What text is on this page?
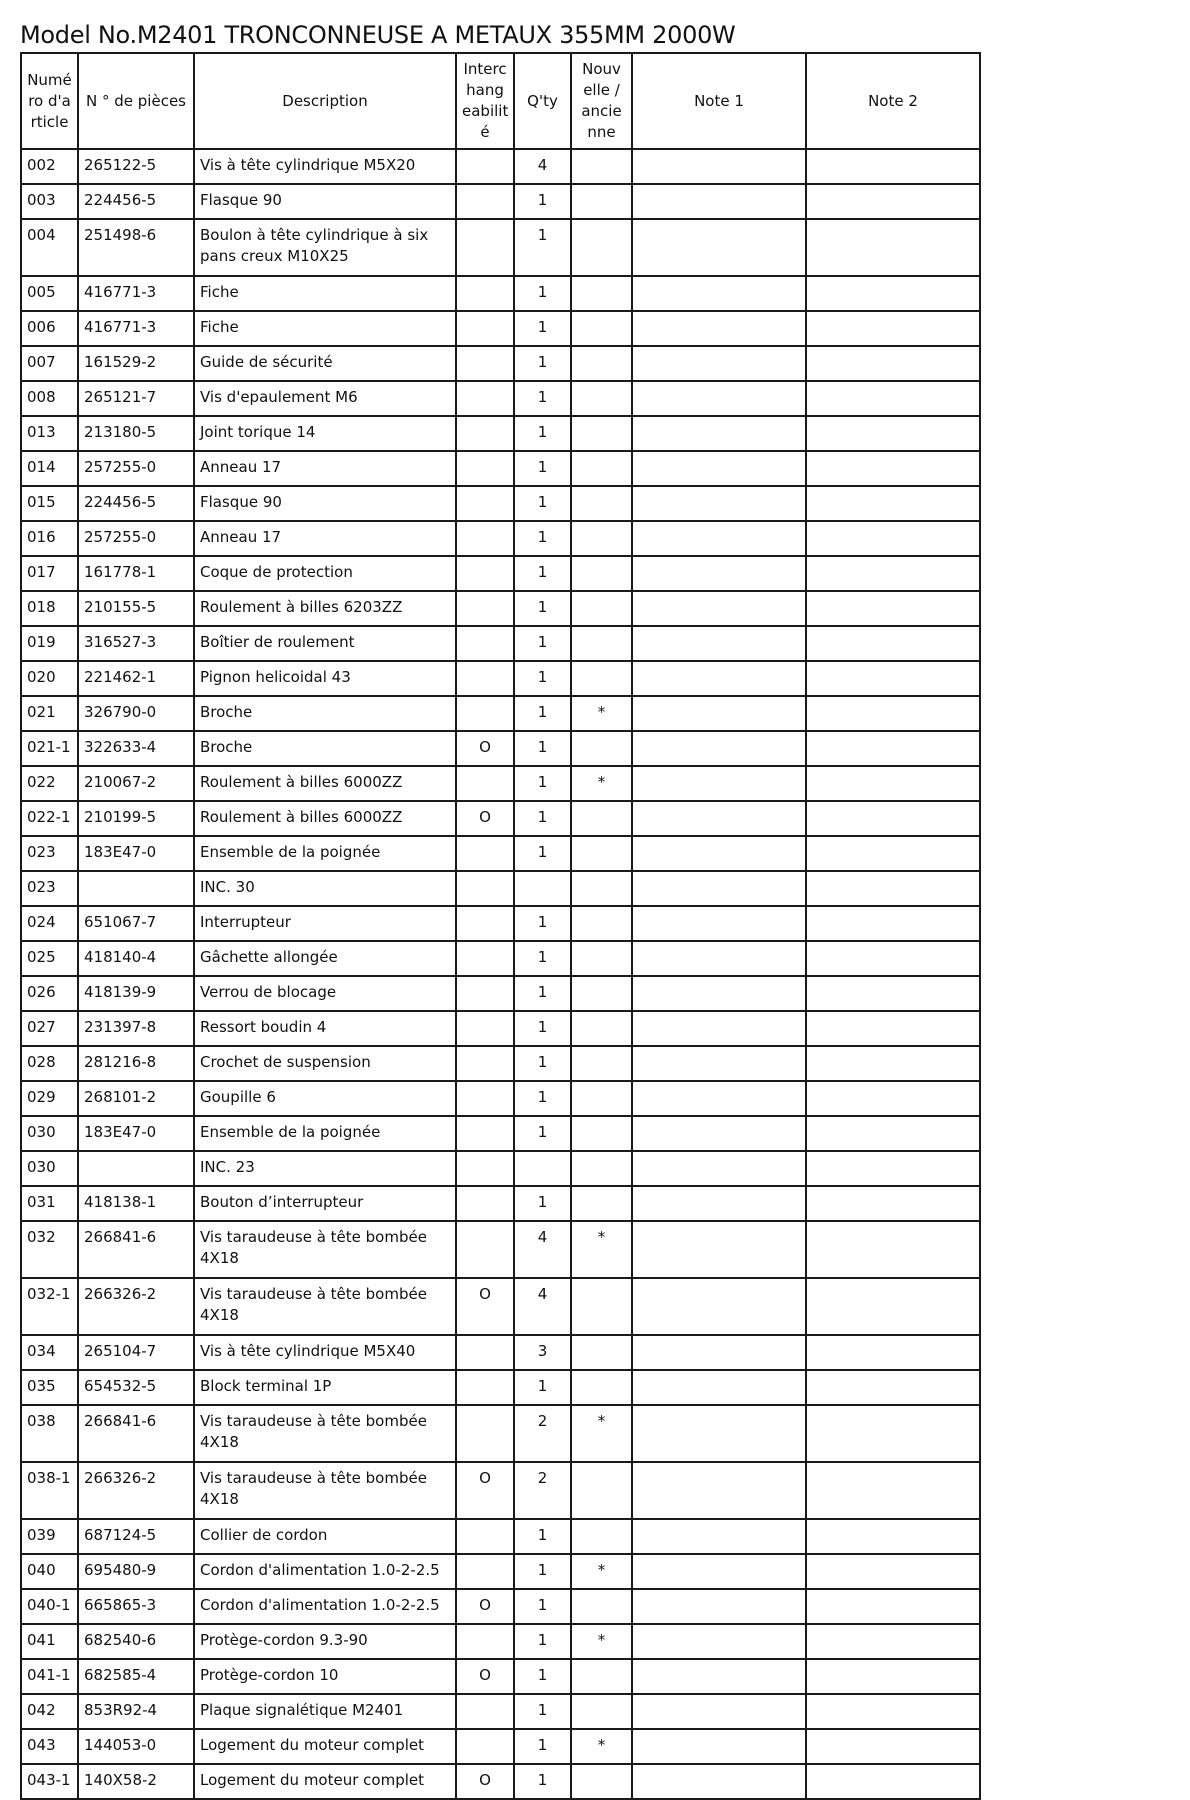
Model No.M2401 TRONCONNEUSE A METAUX 355MM 2000W
Numé ro d'a rticle	N ° de pièces	Description	Interc hang eabilit é	Q'ty	Nouv elle / ancie nne	Note 1	Note 2
002	265122-5	Vis à tête cylindrique M5X20		4			
003	224456-5	Flasque 90		1			
004	251498-6	Boulon à tête cylindrique à six pans creux M10X25		1			
005	416771-3	Fiche		1			
006	416771-3	Fiche		1			
007	161529-2	Guide de sécurité		1			
008	265121-7	Vis d'epaulement M6		1			
013	213180-5	Joint torique 14		1			
014	257255-0	Anneau 17		1			
015	224456-5	Flasque 90		1			
016	257255-0	Anneau 17		1			
017	161778-1	Coque de protection		1			
018	210155-5	Roulement à billes 6203ZZ		1			
019	316527-3	Boîtier de roulement		1			
020	221462-1	Pignon helicoidal 43		1			
021	326790-0	Broche		1	*		
021-1	322633-4	Broche	O	1			
022	210067-2	Roulement à billes 6000ZZ		1	*		
022-1	210199-5	Roulement à billes 6000ZZ	O	1			
023	183E47-0	Ensemble de la poignée		1			
023		INC. 30					
024	651067-7	Interrupteur		1			
025	418140-4	Gâchette allongée		1			
026	418139-9	Verrou de blocage		1			
027	231397-8	Ressort boudin 4		1			
028	281216-8	Crochet de suspension		1			
029	268101-2	Goupille 6		1			
030	183E47-0	Ensemble de la poignée		1			
030		INC. 23					
031	418138-1	Bouton d’interrupteur		1			
032	266841-6	Vis taraudeuse à tête bombée 4X18		4	*		
032-1	266326-2	Vis taraudeuse à tête bombée 4X18	O	4			
034	265104-7	Vis à tête cylindrique M5X40		3			
035	654532-5	Block terminal 1P		1			
038	266841-6	Vis taraudeuse à tête bombée 4X18		2	*		
038-1	266326-2	Vis taraudeuse à tête bombée 4X18	O	2			
039	687124-5	Collier de cordon		1			
040	695480-9	Cordon d'alimentation 1.0-2-2.5		1	*		
040-1	665865-3	Cordon d'alimentation 1.0-2-2.5	O	1			
041	682540-6	Protège-cordon 9.3-90		1	*		
041-1	682585-4	Protège-cordon 10	O	1			
042	853R92-4	Plaque signalétique M2401		1			
043	144053-0	Logement du moteur complet		1	*		
043-1	140X58-2	Logement du moteur complet	O	1			
